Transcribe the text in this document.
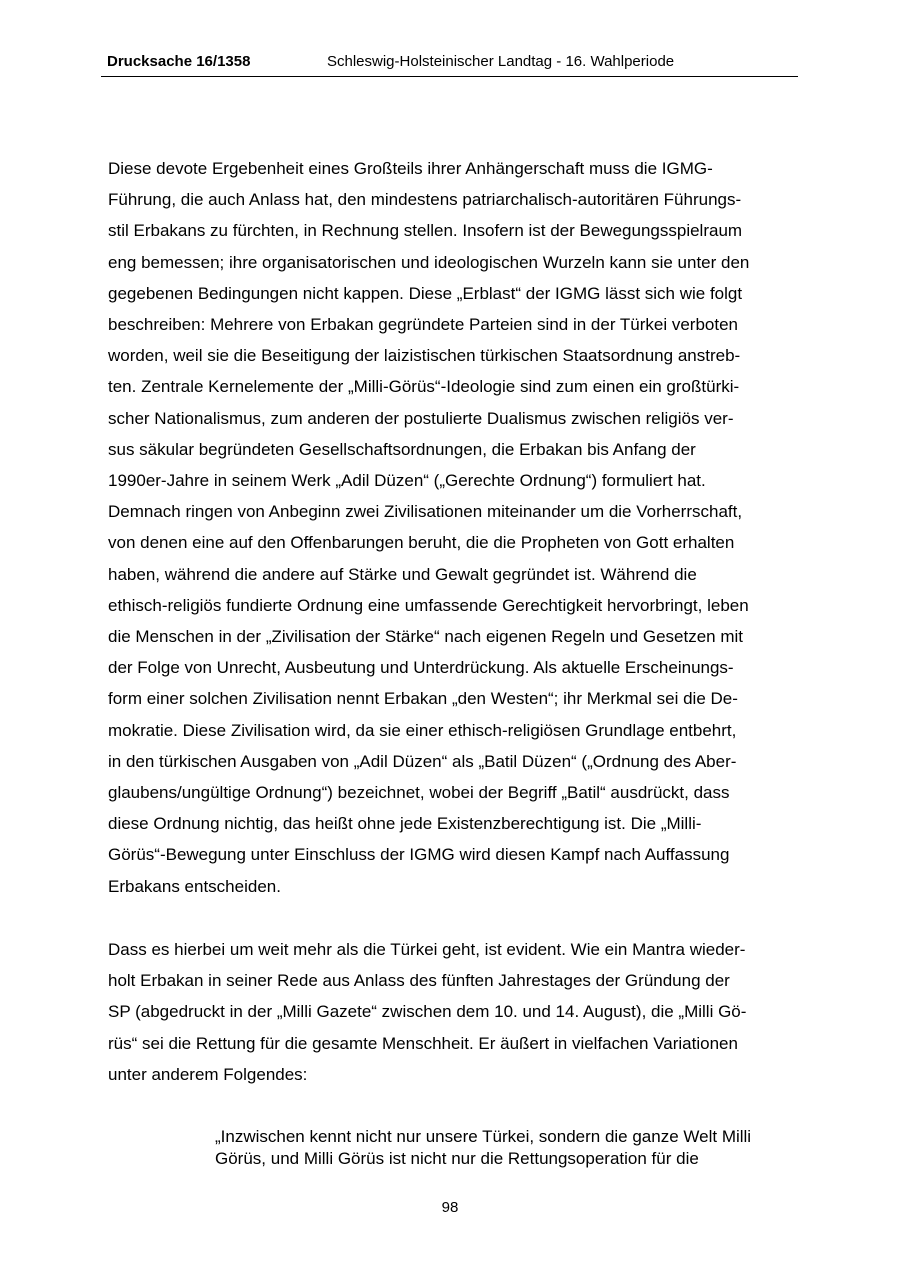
Drucksache 16/1358	Schleswig-Holsteinischer Landtag - 16. Wahlperiode

Diese devote Ergebenheit eines Großteils ihrer Anhängerschaft muss die IGMG-
Führung, die auch Anlass hat, den mindestens patriarchalisch-autoritären Führungs-
stil Erbakans zu fürchten, in Rechnung stellen. Insofern ist der Bewegungsspielraum
eng bemessen; ihre organisatorischen und ideologischen Wurzeln kann sie unter den
gegebenen Bedingungen nicht kappen. Diese „Erblast“ der IGMG lässt sich wie folgt
beschreiben: Mehrere von Erbakan gegründete Parteien sind in der Türkei verboten
worden, weil sie die Beseitigung der laizistischen türkischen Staatsordnung anstreb-
ten. Zentrale Kernelemente der „Milli-Görüs“-Ideologie sind zum einen ein großtürki-
scher Nationalismus, zum anderen der postulierte Dualismus zwischen religiös ver-
sus säkular begründeten Gesellschaftsordnungen, die Erbakan bis Anfang der
1990er-Jahre in seinem Werk „Adil Düzen“ („Gerechte Ordnung“) formuliert hat.
Demnach ringen von Anbeginn zwei Zivilisationen miteinander um die Vorherrschaft,
von denen eine auf den Offenbarungen beruht, die die Propheten von Gott erhalten
haben, während die andere auf Stärke und Gewalt gegründet ist. Während die
ethisch-religiös fundierte Ordnung eine umfassende Gerechtigkeit hervorbringt, leben
die Menschen in der „Zivilisation der Stärke“ nach eigenen Regeln und Gesetzen mit
der Folge von Unrecht, Ausbeutung und Unterdrückung. Als aktuelle Erscheinungs-
form einer solchen Zivilisation nennt Erbakan „den Westen“; ihr Merkmal sei die De-
mokratie. Diese Zivilisation wird, da sie einer ethisch-religiösen Grundlage entbehrt,
in den türkischen Ausgaben von „Adil Düzen“ als „Batil Düzen“ („Ordnung des Aber-
glaubens/ungültige Ordnung“) bezeichnet, wobei der Begriff „Batil“ ausdrückt, dass
diese Ordnung nichtig, das heißt ohne jede Existenzberechtigung ist. Die „Milli-
Görüs“-Bewegung unter Einschluss der IGMG wird diesen Kampf nach Auffassung
Erbakans entscheiden.

Dass es hierbei um weit mehr als die Türkei geht, ist evident. Wie ein Mantra wieder-
holt Erbakan in seiner Rede aus Anlass des fünften Jahrestages der Gründung der
SP (abgedruckt in der „Milli Gazete“ zwischen dem 10. und 14. August), die „Milli Gö-
rüs“ sei die Rettung für die gesamte Menschheit. Er äußert in vielfachen Variationen
unter anderem Folgendes:

„Inzwischen kennt nicht nur unsere Türkei, sondern die ganze Welt Milli
Görüs, und Milli Görüs ist nicht nur die Rettungsoperation für die

98
